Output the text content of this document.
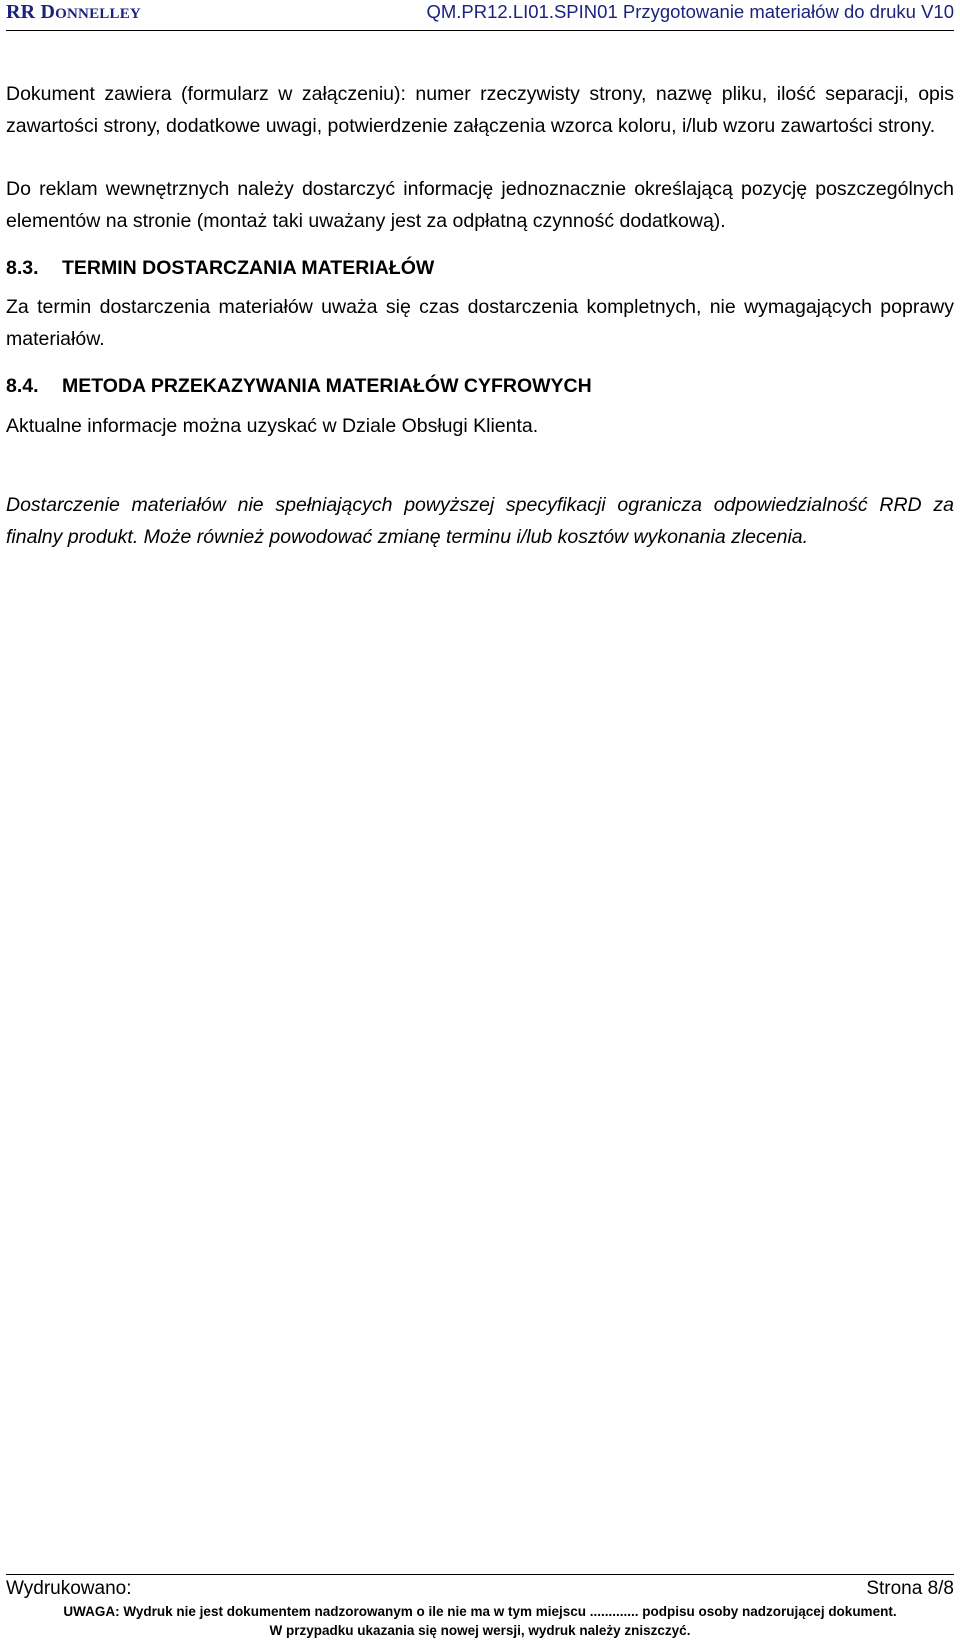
RR DONNELLEY	QM.PR12.LI01.SPIN01 Przygotowanie materiałów do druku V10

Dokument zawiera (formularz w załączeniu): numer rzeczywisty strony, nazwę pliku, ilość separacji, opis zawartości strony, dodatkowe uwagi, potwierdzenie załączenia wzorca koloru, i/lub wzoru zawartości strony.

Do reklam wewnętrznych należy dostarczyć informację jednoznacznie określającą pozycję poszczególnych elementów na stronie (montaż taki uważany jest za odpłatną czynność dodatkową).

8.3. TERMIN DOSTARCZANIA MATERIAŁÓW

Za termin dostarczenia materiałów uważa się czas dostarczenia kompletnych, nie wymagających poprawy materiałów.

8.4. METODA PRZEKAZYWANIA MATERIAŁÓW CYFROWYCH

Aktualne informacje można uzyskać w Dziale Obsługi Klienta.

Dostarczenie materiałów nie spełniających powyższej specyfikacji ogranicza odpowiedzialność RRD za finalny produkt. Może również powodować zmianę terminu i/lub kosztów wykonania zlecenia.

Wydrukowano:	Strona 8/8
UWAGA: Wydruk nie jest dokumentem nadzorowanym o ile nie ma w tym miejscu ............. podpisu osoby nadzorującej dokument.
W przypadku ukazania się nowej wersji, wydruk należy zniszczyć.
